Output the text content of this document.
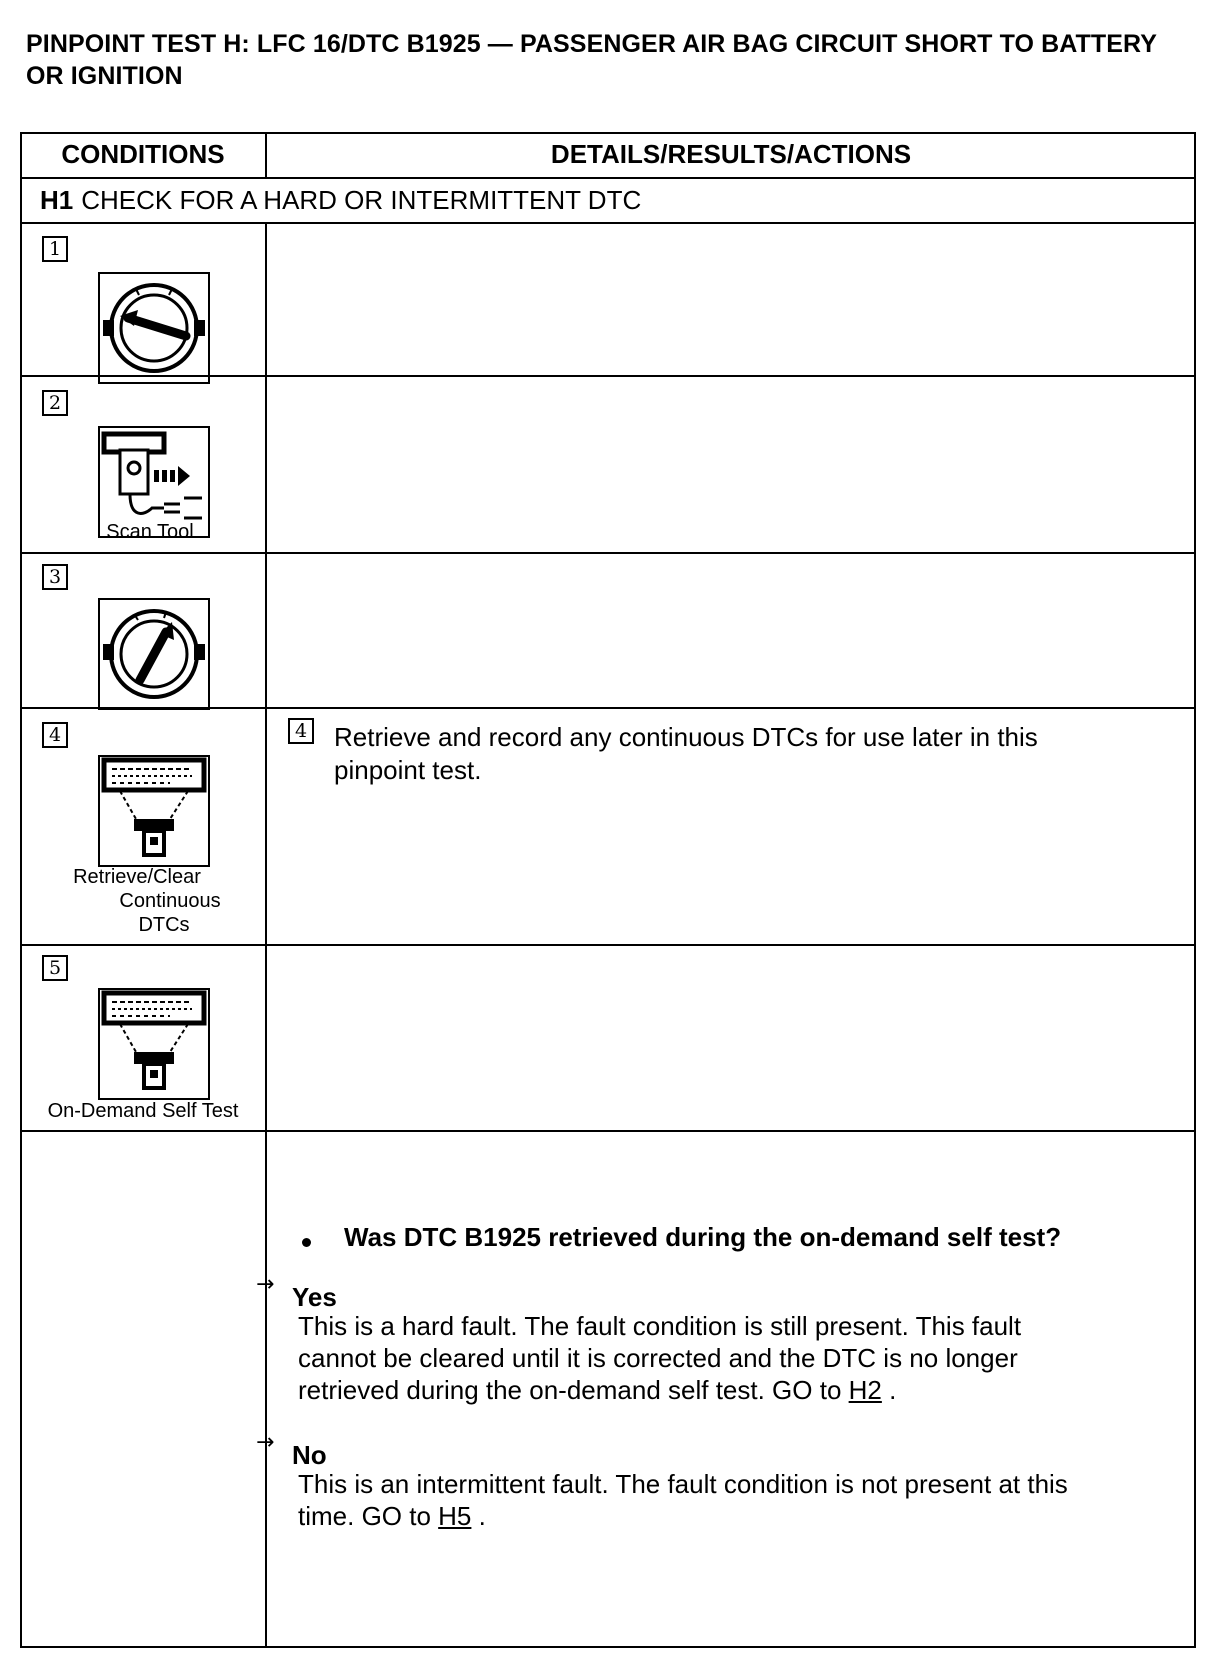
PINPOINT TEST H: LFC 16/DTC B1925 — PASSENGER AIR BAG CIRCUIT SHORT TO BATTERY OR IGNITION
CONDITIONS	DETAILS/RESULTS/ACTIONS
H1 CHECK FOR A HARD OR INTERMITTENT DTC
1
2
Scan Tool
3
4
Retrieve/Clear
Continuous
DTCs
4 Retrieve and record any continuous DTCs for use later in this
pinpoint test.
5
On-Demand Self Test
Was DTC B1925 retrieved during the on-demand self test?
→ Yes
This is a hard fault. The fault condition is still present. This fault
cannot be cleared until it is corrected and the DTC is no longer
retrieved during the on-demand self test. GO to H2 .
→ No
This is an intermittent fault. The fault condition is not present at this
time. GO to H5 .
